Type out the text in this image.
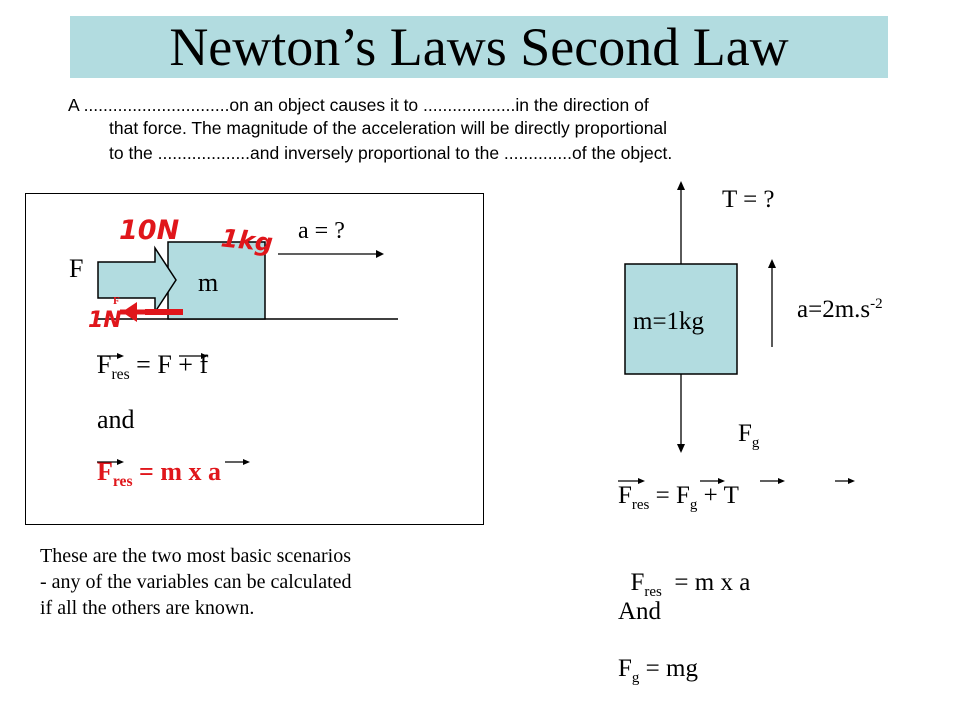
Newton’s Laws Second Law
A ..............................on an object causes it to ...................in the direction of
that force. The magnitude of the acceleration will be directly proportional
to the ...................and inversely proportional to the ..............of the object.
F	m
a = ?
F
10N 1kg
1N
$F_{res} = F + f$
and
$F_{res} = m$ x a
These are the two most basic scenarios
- any of the variables can be calculated
if all the others are known.
T = ?
m=1kg	$a=2m.s^{-2}$
$F_g$
$F_{res} = F_g + T$

$F_{res} = m$ x a

And
$F_g$ = mg
